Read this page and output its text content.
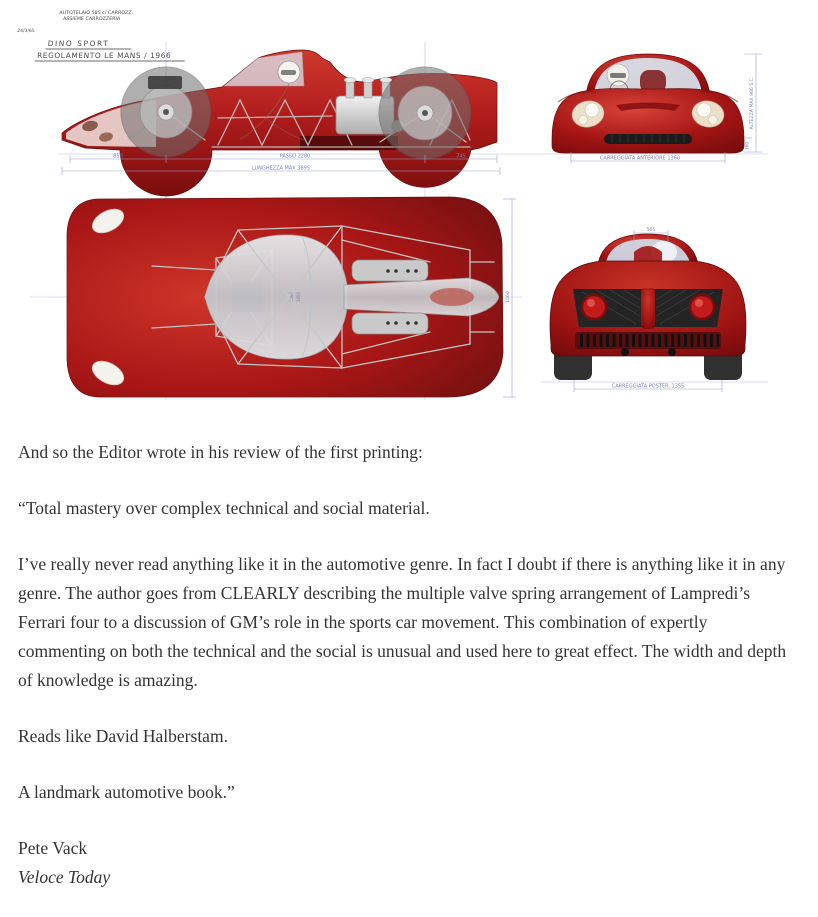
AUTOTELAIO 585 c/ CARROZZ.
ASSIEME CARROZZERIA
24/3/65
DINO SPORT
REGOLAMENTO LE MANS / 1966
850	PASSO 2280	745
LUNGHEZZA MAX 3895
CARREGGIATA ANTERIORE 1360
ALTEZZA MAX 986 S.C.
160
505
CARREGGIATA POSTER. 1355
1590 1600	1660

And so the Editor wrote in his review of the first printing:

“Total mastery over complex technical and social material.

I’ve really never read anything like it in the automotive genre. In fact I doubt if there is anything like it in any genre. The author goes from CLEARLY describing the multiple valve spring arrangement of Lampredi’s Ferrari four to a discussion of GM’s role in the sports car movement. This combination of expertly commenting on both the technical and the social is unusual and used here to great effect. The width and depth of knowledge is amazing.

Reads like David Halberstam.

A landmark automotive book.”

Pete Vack
Veloce Today
